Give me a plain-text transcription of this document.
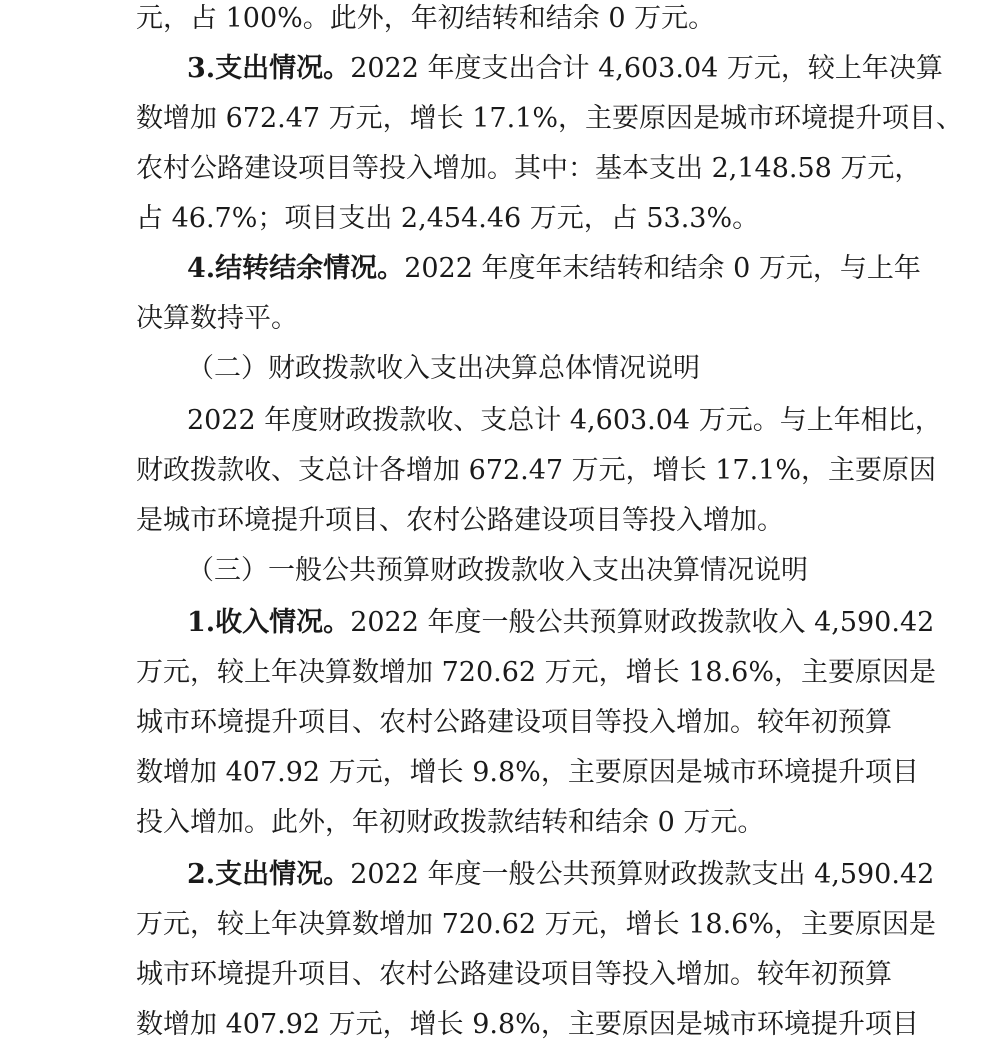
元，占 100%。此外，年初结转和结余 0 万元。
3.支出情况。2022 年度支出合计 4,603.04 万元，较上年决算
数增加 672.47 万元，增长 17.1%，主要原因是城市环境提升项目、
农村公路建设项目等投入增加。其中：基本支出 2,148.58 万元，
占 46.7%；项目支出 2,454.46 万元，占 53.3%。
4.结转结余情况。2022 年度年末结转和结余 0 万元，与上年
决算数持平。
（二）财政拨款收入支出决算总体情况说明
2022 年度财政拨款收、支总计 4,603.04 万元。与上年相比，
财政拨款收、支总计各增加 672.47 万元，增长 17.1%，主要原因
是城市环境提升项目、农村公路建设项目等投入增加。
（三）一般公共预算财政拨款收入支出决算情况说明
1.收入情况。2022 年度一般公共预算财政拨款收入 4,590.42
万元，较上年决算数增加 720.62 万元，增长 18.6%，主要原因是
城市环境提升项目、农村公路建设项目等投入增加。较年初预算
数增加 407.92 万元，增长 9.8%，主要原因是城市环境提升项目
投入增加。此外，年初财政拨款结转和结余 0 万元。
2.支出情况。2022 年度一般公共预算财政拨款支出 4,590.42
万元，较上年决算数增加 720.62 万元，增长 18.6%，主要原因是
城市环境提升项目、农村公路建设项目等投入增加。较年初预算
数增加 407.92 万元，增长 9.8%，主要原因是城市环境提升项目
